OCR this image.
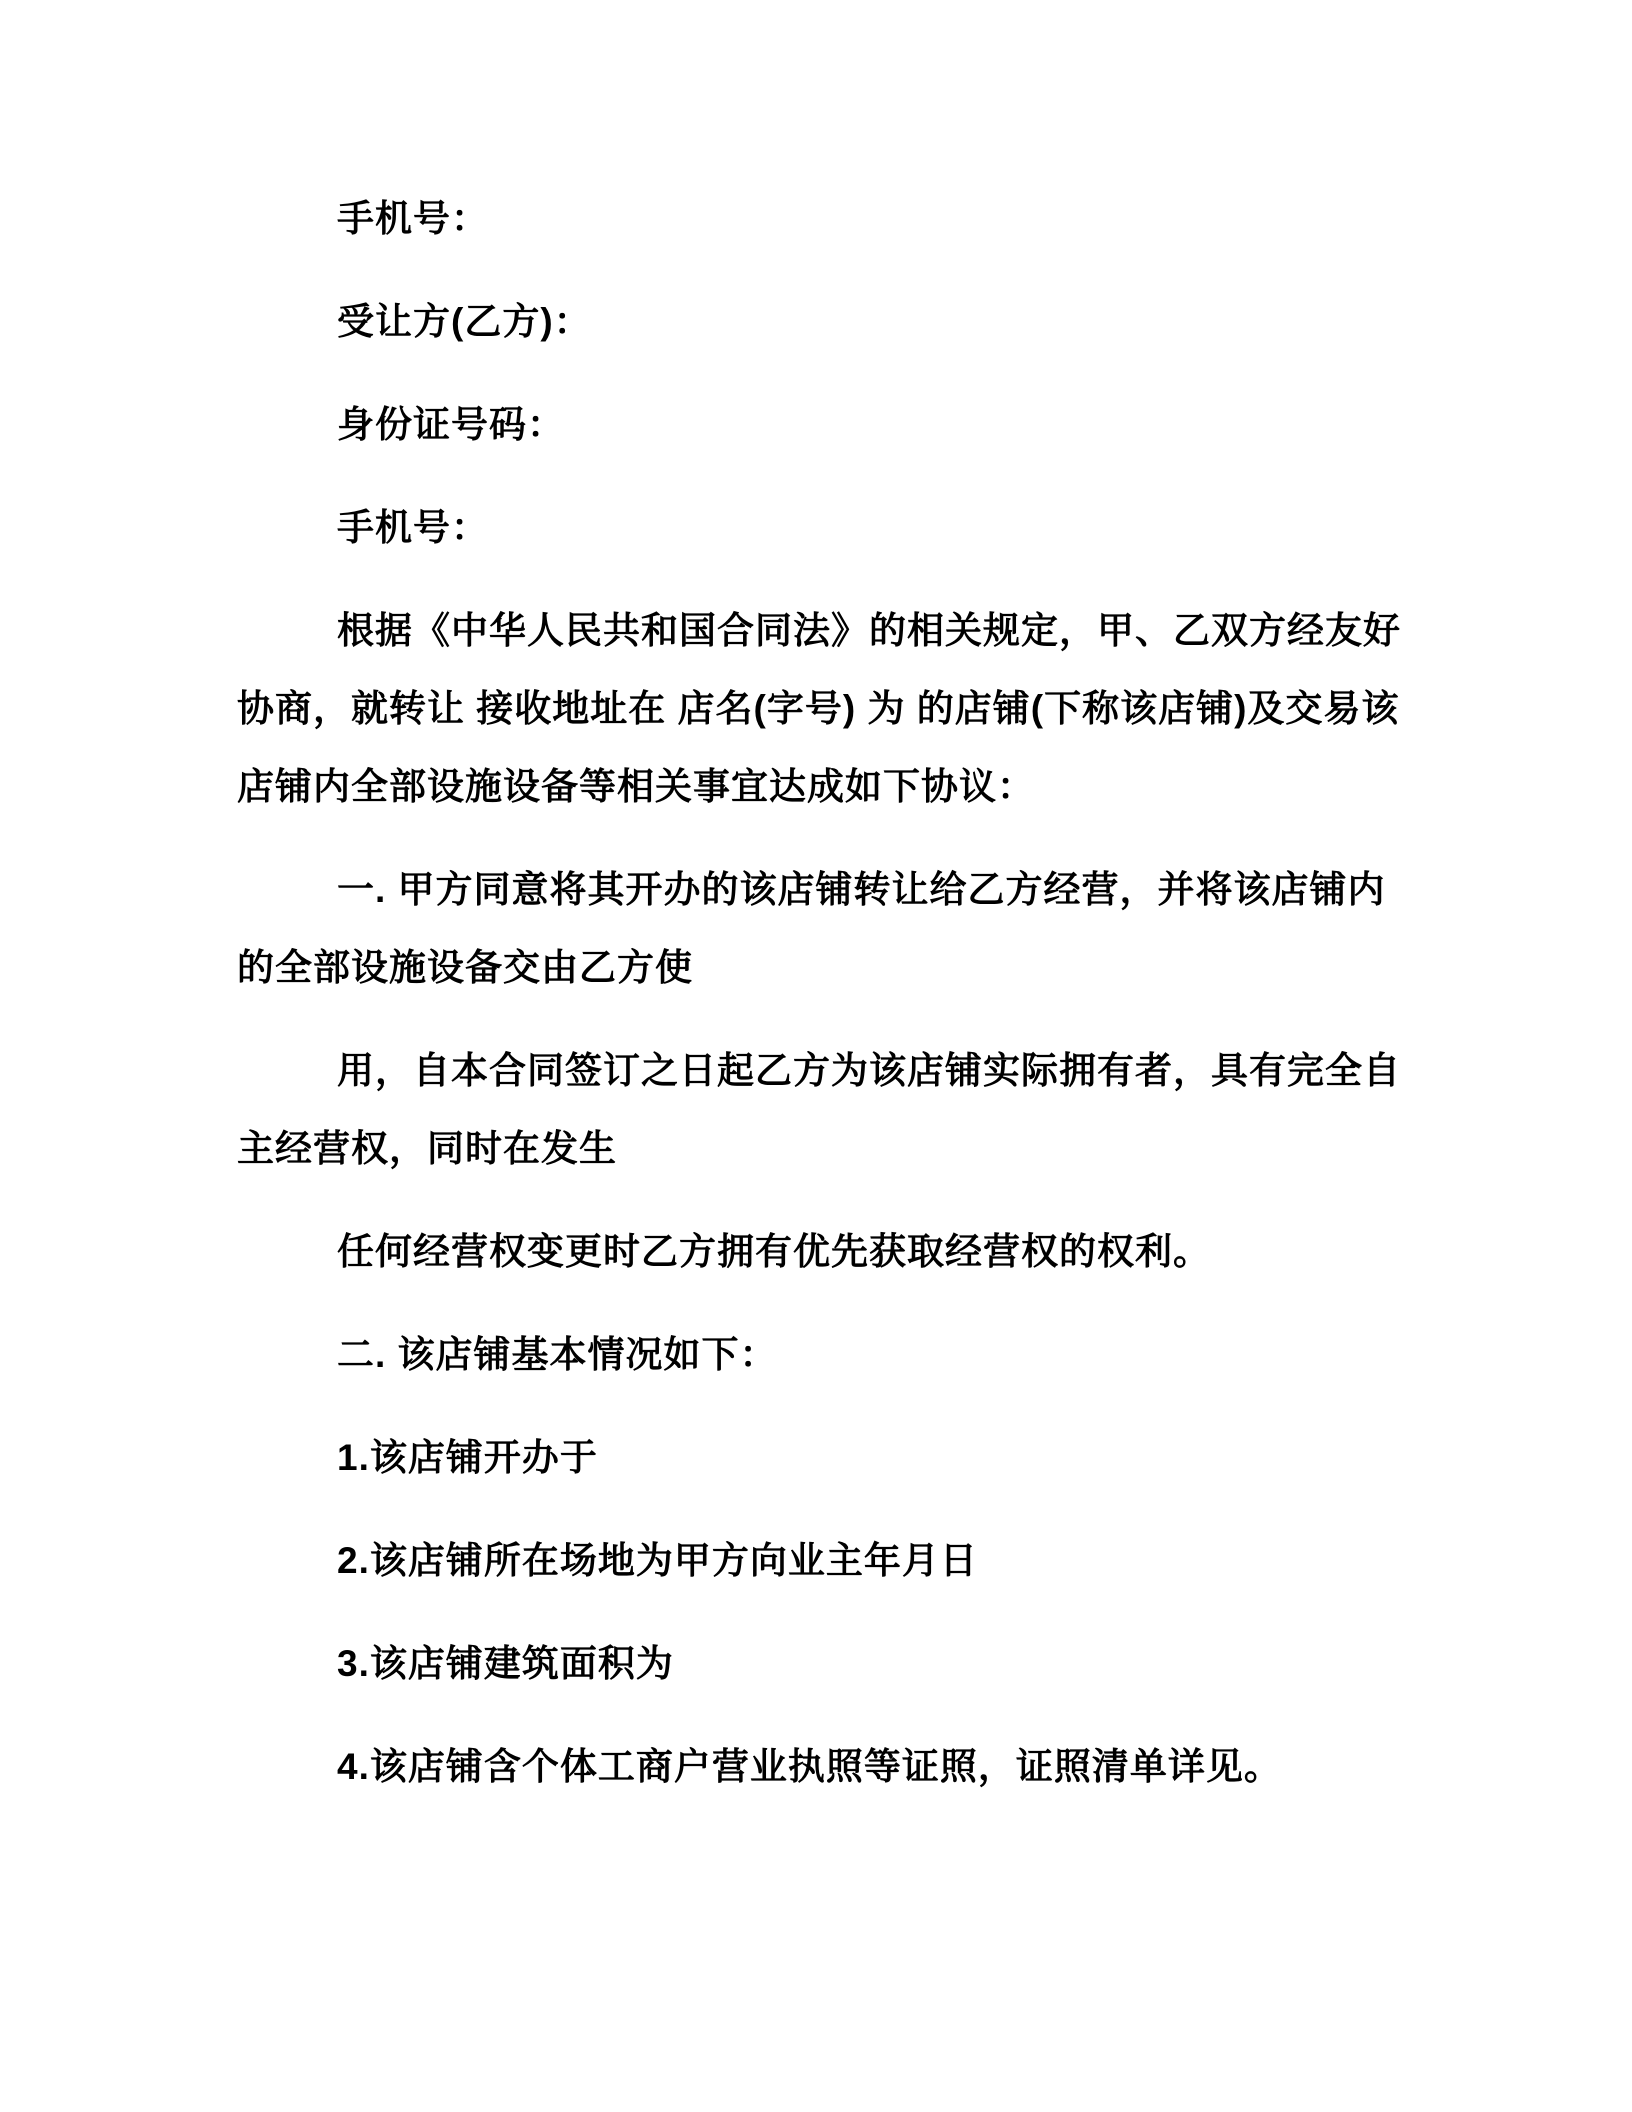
手机号：

受让方(乙方)：

身份证号码：

手机号：

根据《中华人民共和国合同法》的相关规定，甲、乙双方经友好

协商，就转让 接收地址在 店名(字号) 为 的店铺(下称该店铺)及交易该

店铺内全部设施设备等相关事宜达成如下协议：

一. 甲方同意将其开办的该店铺转让给乙方经营，并将该店铺内

的全部设施设备交由乙方使

用，自本合同签订之日起乙方为该店铺实际拥有者，具有完全自

主经营权，同时在发生

任何经营权变更时乙方拥有优先获取经营权的权利。

二. 该店铺基本情况如下：

1.该店铺开办于

2.该店铺所在场地为甲方向业主年月日

3.该店铺建筑面积为

4.该店铺含个体工商户营业执照等证照，证照清单详见。
